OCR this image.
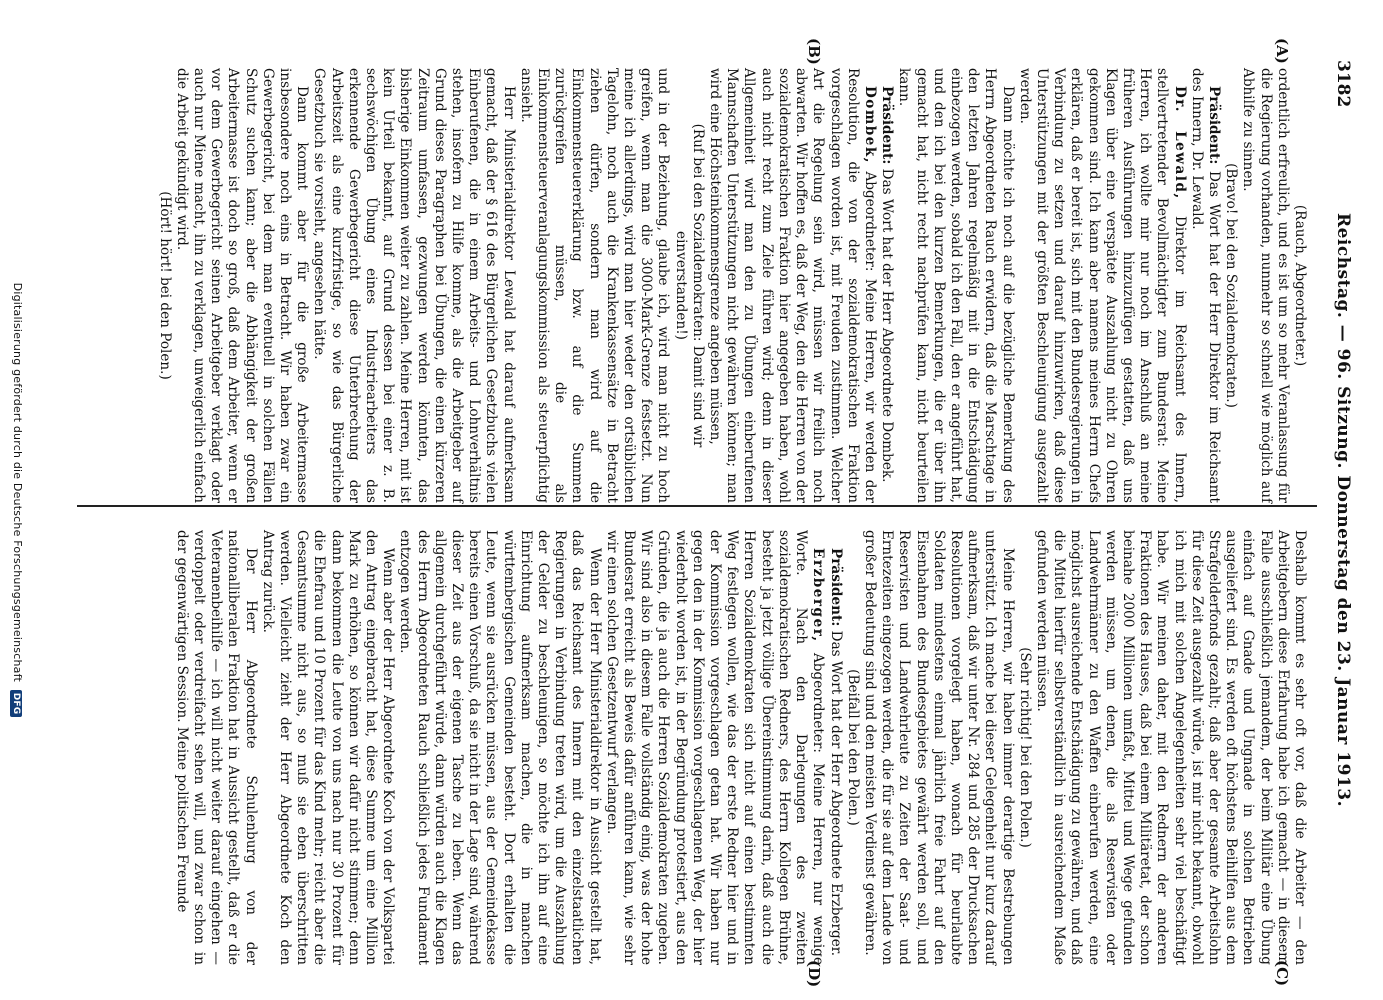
3182
Reichstag. — 96. Sitzung. Donnerstag den 23. Januar 1913.
(A)
(B)
(C)
(D)

(Rauch, Abgeordneter.)

ordentlich erfreulich, und es ist um so mehr Veranlassung für die Regierung vorhanden, nunmehr so schnell wie möglich auf Abhilfe zu sinnen.

(Bravo! bei den Sozialdemokraten.)

Präsident: Das Wort hat der Herr Direktor im Reichsamt des Innern, Dr. Lewald.

Dr. Lewald, Direktor im Reichsamt des Innern, stellvertretender Bevollmächtigter zum Bundesrat: Meine Herren, ich wollte mir nur noch im Anschluß an meine früheren Ausführungen hinzuzufügen gestatten, daß uns Klagen über eine verspätete Auszahlung nicht zu Ohren gekommen sind. Ich kann aber namens meines Herrn Chefs erklären, daß er bereit ist, sich mit den Bundesregierungen in Verbindung zu setzen und darauf hinzuwirken, daß diese Unterstützungen mit der größten Beschleunigung ausgezahlt werden.

Dann möchte ich noch auf die bezügliche Bemerkung des Herrn Abgeordneten Rauch erwidern, daß die Marschtage in den letzten Jahren regelmäßig mit in die Entschädigung einbezogen werden, sobald ich den Fall, den er angeführt hat, und den ich bei den kurzen Bemerkungen, die er über ihn gemacht hat, nicht recht nachprüfen kann, nicht beurteilen kann.

Präsident: Das Wort hat der Herr Abgeordnete Dombek.

Dombek, Abgeordneter: Meine Herren, wir werden der Resolution, die von der sozialdemokratischen Fraktion vorgeschlagen worden ist, mit Freuden zustimmen. Welcher Art die Regelung sein wird, müssen wir freilich noch abwarten. Wir hoffen es, daß der Weg, den die Herren von der sozialdemokratischen Fraktion hier angegeben haben, wohl auch nicht recht zum Ziele führen wird; denn in dieser Allgemeinheit wird man den zu Übungen einberufenen Mannschaften Unterstützungen nicht gewähren können; man wird eine Höchsteinkommensgrenze angeben müssen,

(Ruf bei den Sozialdemokraten: Damit sind wir einverstanden!)

und in der Beziehung, glaube ich, wird man nicht zu hoch greifen, wenn man die 3000-Mark-Grenze festsetzt. Nun meine ich allerdings, wird man hier weder den ortsüblichen Tagelohn, noch auch die Krankenkassensätze in Betracht ziehen dürfen, sondern man wird auf die Einkommensteuererklärung bzw. auf die Summen zurückgreifen müssen, die als Einkommensteuerveranlagungskommission als steuerpflichtig ansieht.

Herr Ministerialdirektor Lewald hat darauf aufmerksam gemacht, daß der § 616 des Bürgerlichen Gesetzbuchs vielen Einberufenen, die in einem Arbeits- und Lohnverhältnis stehen, insofern zu Hilfe komme, als die Arbeitgeber auf Grund dieses Paragraphen bei Übungen, die einen kürzeren Zeitraum umfassen, gezwungen werden könnten, das bisherige Einkommen weiter zu zahlen. Meine Herren, mit ist kein Urteil bekannt, auf Grund dessen bei einer z. B. sechswöchigen Übung eines Industriearbeiters das erkennende Gewerbegericht diese Unterbrechung der Arbeitszeit als eine kurzfristige, so wie das Bürgerliche Gesetzbuch sie vorsieht, angesehen hätte.

Dann kommt aber für die große Arbeitermasse insbesondere noch eins in Betracht. Wir haben zwar ein Gewerbegericht, bei dem man eventuell in solchen Fällen Schutz suchen kann; aber die Abhängigkeit der großen Arbeitermasse ist doch so groß, daß dem Arbeiter, wenn er vor dem Gewerbegericht seinen Arbeitgeber verklagt oder auch nur Miene macht, ihn zu verklagen, unweigerlich einfach die Arbeit gekündigt wird.

(Hört! hört! bei den Polen.)

Deshalb kommt es sehr oft vor, daß die Arbeiter — den Arbeitgebern diese Erfahrung habe ich gemacht — in diesem Falle ausschließlich jemandem, der beim Militär eine Übung einfach auf Gnade und Ungnade in solchen Betrieben ausgeliefert sind. Es werden oft höchstens Beihilfen aus dem Strafgelderfonds gezahlt; daß aber der gesamte Arbeitslohn für diese Zeit ausgezahlt würde, ist mir nicht bekannt, obwohl ich mich mit solchen Angelegenheiten sehr viel beschäftigt habe. Wir meinen daher, mit den Rednern der anderen Fraktionen des Hauses, daß bei einem Militäretat, der schon beinahe 2000 Millionen umfaßt, Mittel und Wege gefunden werden müssen, um denen, die als Reservisten oder Landwehrmänner zu den Waffen einberufen werden, eine möglichst ausreichende Entschädigung zu gewähren, und daß die Mittel hierfür selbstverständlich in ausreichendem Maße gefunden werden müssen.

(Sehr richtig! bei den Polen.)

Meine Herren, wir haben immer derartige Bestrebungen unterstützt. Ich mache bei dieser Gelegenheit nur kurz darauf aufmerksam, daß wir unter Nr. 284 und 285 der Drucksachen Resolutionen vorgelegt haben, wonach für beurlaubte Soldaten mindestens einmal jährlich freie Fahrt auf den Eisenbahnen des Bundesgebietes gewährt werden soll, und Reservisten und Landwehrleute zu Zeiten der Saat- und Erntezeiten eingezogen werden, die für sie auf dem Lande von großer Bedeutung sind und den meisten Verdienst gewähren.

(Beifall bei den Polen.)

Präsident: Das Wort hat der Herr Abgeordnete Erzberger.

Erzberger, Abgeordneter: Meine Herren, nur wenige Worte. Nach den Darlegungen des zweiten sozialdemokratischen Redners, des Herrn Kollegen Brühne, besteht ja jetzt völlige Übereinstimmung darin, daß auch die Herren Sozialdemokraten sich nicht auf einen bestimmten Weg festlegen wollen, wie das der erste Redner hier und in der Kommission vorgeschlagen getan hat. Wir haben nur gegen den in der Kommission vorgeschlagenen Weg, der hier wiederholt worden ist, in der Begründung protestiert, aus den Gründen, die ja auch die Herren Sozialdemokraten zugeben. Wir sind also in diesem Falle vollständig einig, was der hohe Bundesrat erreicht als Beweis dafür anführen kann, wie sehr wir einen solchen Gesetzentwurf verlangen.

Wenn der Herr Ministerialdirektor in Aussicht gestellt hat, daß das Reichsamt des Innern mit den einzelstaatlichen Regierungen in Verbindung treten wird, um die Auszahlung der Gelder zu beschleunigen, so möchte ich ihn auf eine Einrichtung aufmerksam machen, die in manchen württembergischen Gemeinden besteht. Dort erhalten die Leute, wenn sie ausrücken müssen, aus der Gemeindekasse bereits einen Vorschuß, da sie nicht in der Lage sind, während dieser Zeit aus der eigenen Tasche zu leben. Wenn das allgemein durchgeführt würde, dann würden auch die Klagen des Herrn Abgeordneten Rauch schließlich jedes Fundament entzogen werden.

Wenn aber der Herr Abgeordnete Koch von der Volkspartei den Antrag eingebracht hat, diese Summe um eine Million Mark zu erhöhen, so können wir dafür nicht stimmen; denn dann bekommen die Leute von uns nach nur 30 Prozent für die Ehefrau und 10 Prozent für das Kind mehr; reicht aber die Gesamtsumme nicht aus, so muß sie eben überschritten werden. Vielleicht zieht der Herr Abgeordnete Koch den Antrag zurück.

Der Herr Abgeordnete Schulenburg von der nationalliberalen Fraktion hat in Aussicht gestellt, daß er die Veteranenbeihilfe — ich will nicht weiter darauf eingehen — verdoppelt oder verdreifacht sehen will, und zwar schon in der gegenwärtigen Session. Meine politischen Freunde

Digitalisierung gefördert durch die Deutsche Forschungsgemeinschaft DFG
